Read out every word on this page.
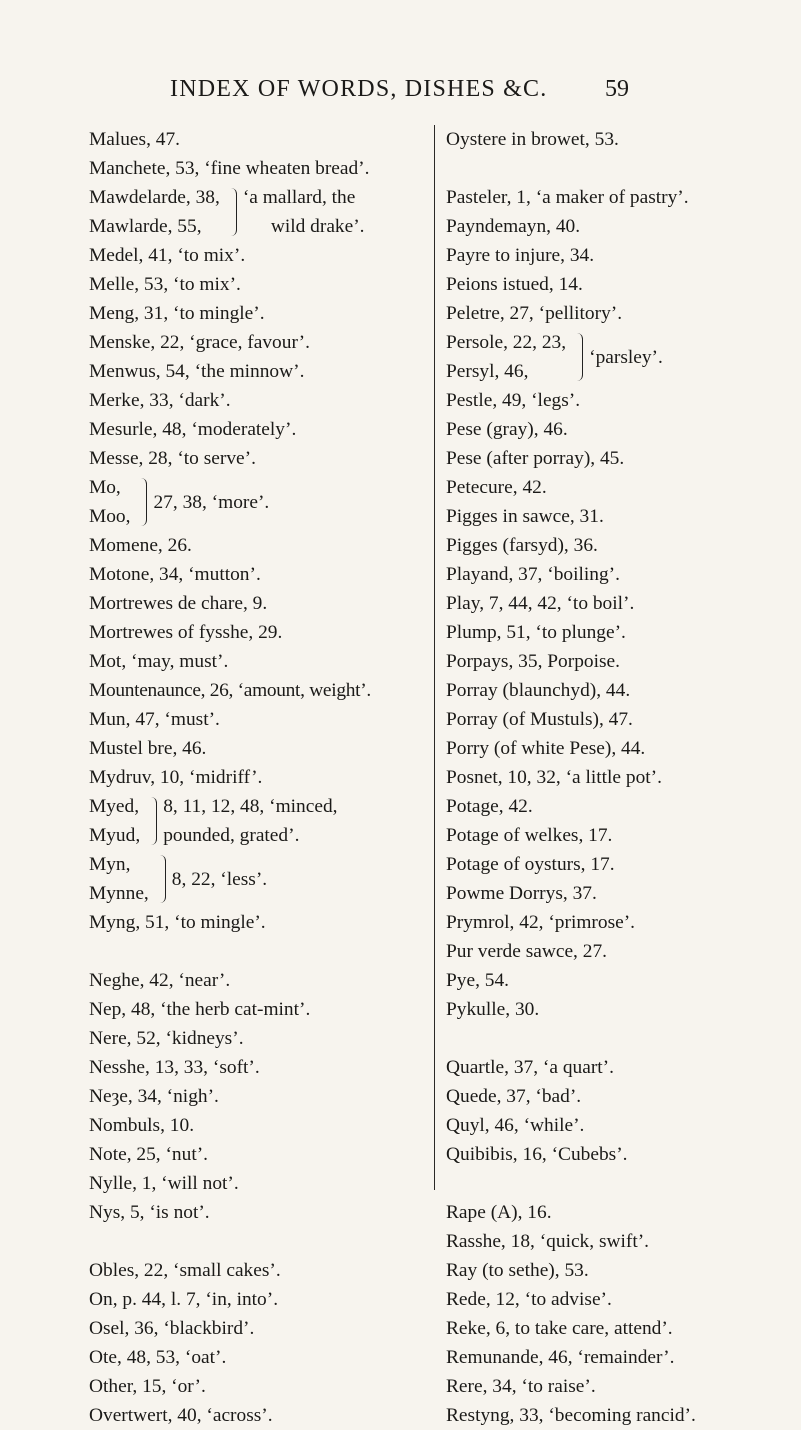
INDEX OF WORDS, DISHES &C. 59
Malues, 47.
Manchete, 53, ‘fine wheaten bread’.
Mawdelarde, 38,
Mawlarde, 55,
‘a mallard, the
wild drake’.
Medel, 41, ‘to mix’.
Melle, 53, ‘to mix’.
Meng, 31, ‘to mingle’.
Menske, 22, ‘grace, favour’.
Menwus, 54, ‘the minnow’.
Merke, 33, ‘dark’.
Mesurle, 48, ‘moderately’.
Messe, 28, ‘to serve’.
Mo,
Moo,
27, 38, ‘more’.
Momene, 26.
Motone, 34, ‘mutton’.
Mortrewes de chare, 9.
Mortrewes of fysshe, 29.
Mot, ‘may, must’.
Mountenaunce, 26, ‘amount, weight’.
Mun, 47, ‘must’.
Mustel bre, 46.
Mydruv, 10, ‘midriff’.
Myed,
Myud,
8, 11, 12, 48, ‘minced,
pounded, grated’.
Myn,
Mynne,
8, 22, ‘less’.
Myng, 51, ‘to mingle’.
Neghe, 42, ‘near’.
Nep, 48, ‘the herb cat-mint’.
Nere, 52, ‘kidneys’.
Nesshe, 13, 33, ‘soft’.
Neȝe, 34, ‘nigh’.
Nombuls, 10.
Note, 25, ‘nut’.
Nylle, 1, ‘will not’.
Nys, 5, ‘is not’.
Obles, 22, ‘small cakes’.
On, p. 44, l. 7, ‘in, into’.
Osel, 36, ‘blackbird’.
Ote, 48, 53, ‘oat’.
Other, 15, ‘or’.
Overtwert, 40, ‘across’.
Oystere in browet, 53.
Pasteler, 1, ‘a maker of pastry’.
Payndemayn, 40.
Payre to injure, 34.
Peions istued, 14.
Peletre, 27, ‘pellitory’.
Persole, 22, 23,
Persyl, 46,
‘parsley’.
Pestle, 49, ‘legs’.
Pese (gray), 46.
Pese (after porray), 45.
Petecure, 42.
Pigges in sawce, 31.
Pigges (farsyd), 36.
Playand, 37, ‘boiling’.
Play, 7, 44, 42, ‘to boil’.
Plump, 51, ‘to plunge’.
Porpays, 35, Porpoise.
Porray (blaunchyd), 44.
Porray (of Mustuls), 47.
Porry (of white Pese), 44.
Posnet, 10, 32, ‘a little pot’.
Potage, 42.
Potage of welkes, 17.
Potage of oysturs, 17.
Powme Dorrys, 37.
Prymrol, 42, ‘primrose’.
Pur verde sawce, 27.
Pye, 54.
Pykulle, 30.
Quartle, 37, ‘a quart’.
Quede, 37, ‘bad’.
Quyl, 46, ‘while’.
Quibibis, 16, ‘Cubebs’.
Rape (A), 16.
Rasshe, 18, ‘quick, swift’.
Ray (to sethe), 53.
Rede, 12, ‘to advise’.
Reke, 6, to take care, attend’.
Remunande, 46, ‘remainder’.
Rere, 34, ‘to raise’.
Restyng, 33, ‘becoming rancid’.
